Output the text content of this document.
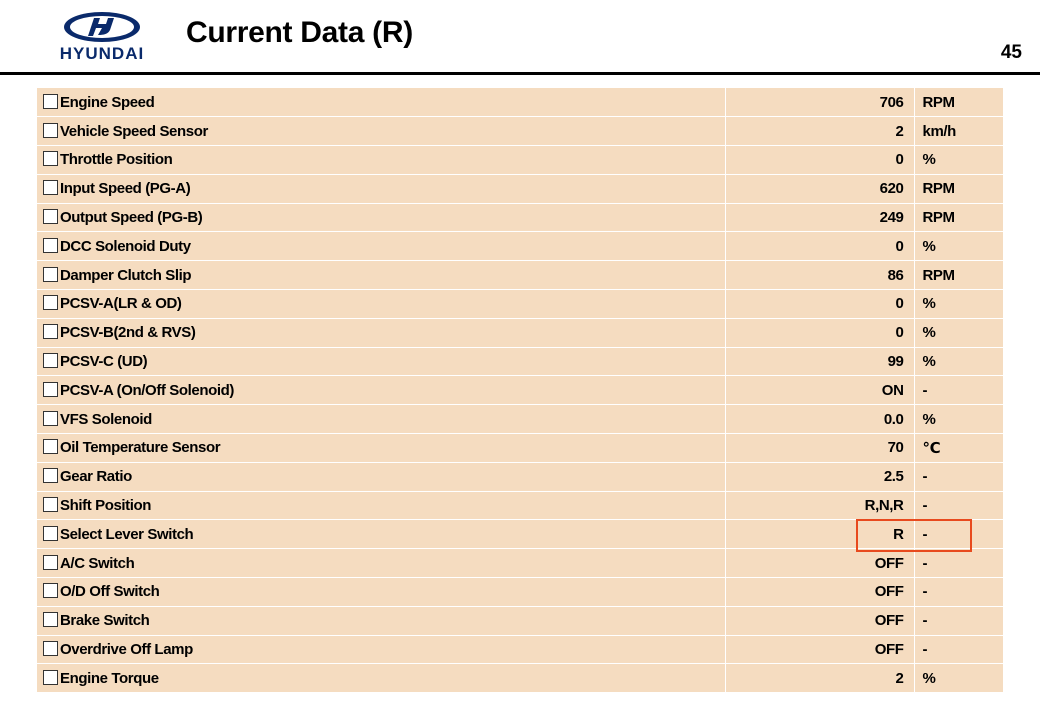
HYUNDAI
Current Data (R)
45
Engine Speed	706	RPM
Vehicle Speed Sensor	2	km/h
Throttle Position	0	%
Input Speed (PG-A)	620	RPM
Output Speed (PG-B)	249	RPM
DCC Solenoid Duty	0	%
Damper Clutch Slip	86	RPM
PCSV-A(LR & OD)	0	%
PCSV-B(2nd & RVS)	0	%
PCSV-C (UD)	99	%
PCSV-A (On/Off Solenoid)	ON	-
VFS Solenoid	0.0	%
Oil Temperature Sensor	70	℃
Gear Ratio	2.5	-
Shift Position	R,N,R	-
Select Lever Switch	R	-
A/C Switch	OFF	-
O/D Off Switch	OFF	-
Brake Switch	OFF	-
Overdrive Off Lamp	OFF	-
Engine Torque	2	%
